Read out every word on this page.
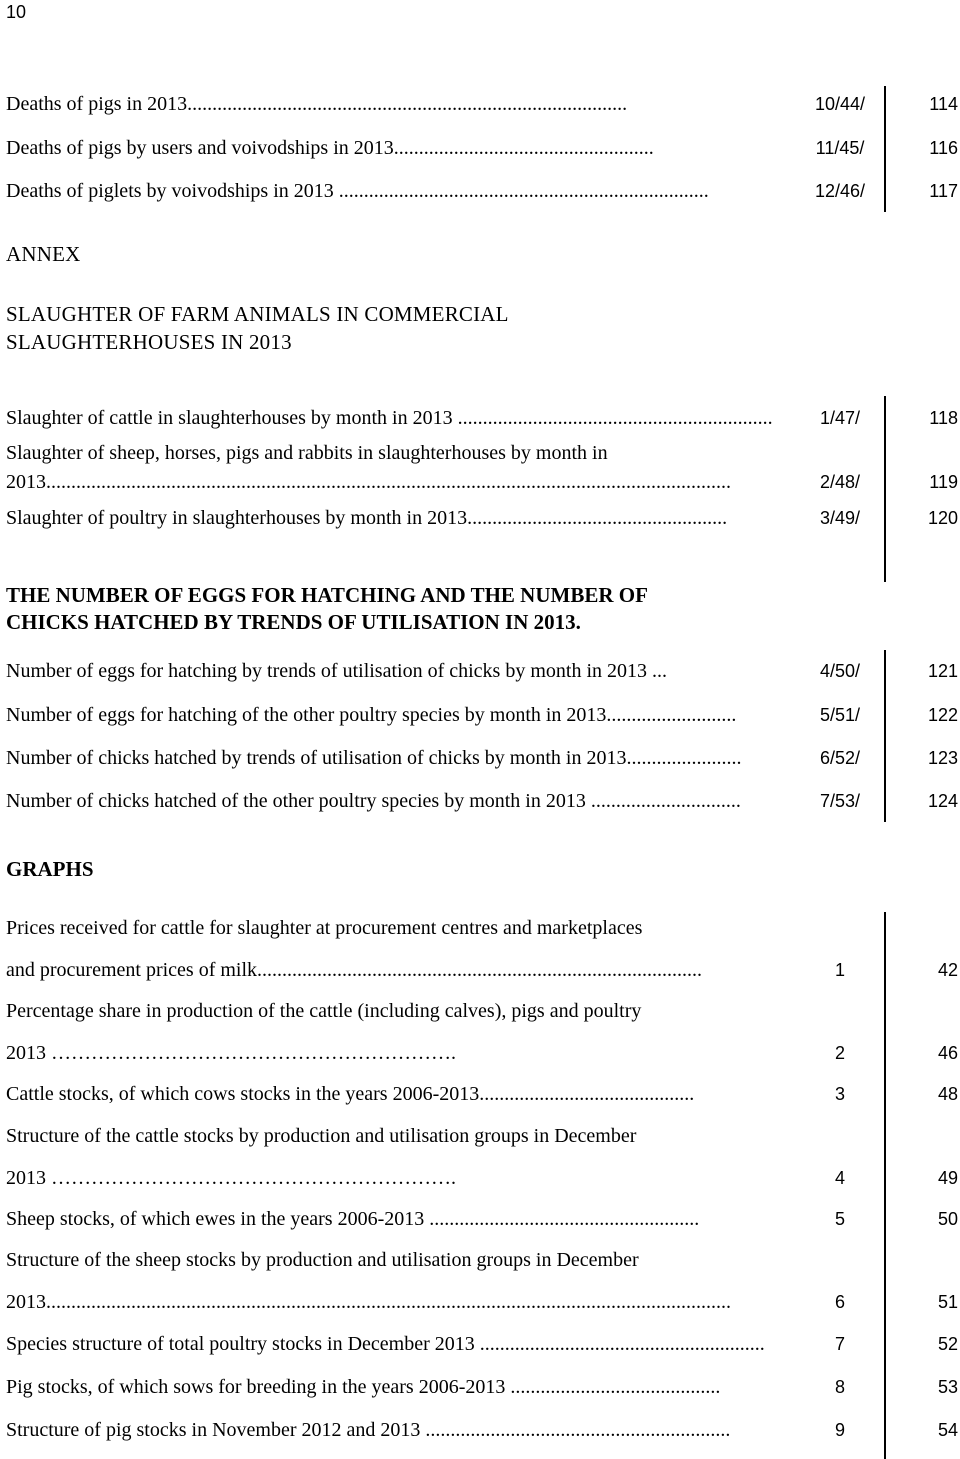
10
Deaths of pigs in 2013........................................................................................	10/44/	114
Deaths of pigs by users and voivodships in 2013....................................................	11/45/	116
Deaths of piglets by voivodships in 2013 ..........................................................................	12/46/	117
ANNEX
SLAUGHTER OF FARM ANIMALS IN COMMERCIAL
SLAUGHTERHOUSES IN 2013
Slaughter of cattle in slaughterhouses by month in 2013 ...............................................................	1/47/	118
Slaughter of sheep, horses, pigs and rabbits in slaughterhouses by month in
2013.........................................................................................................................................	2/48/	119
Slaughter of poultry in slaughterhouses by month in 2013....................................................	3/49/	120
THE NUMBER OF EGGS FOR HATCHING AND THE NUMBER OF
CHICKS HATCHED BY TRENDS OF UTILISATION IN 2013.
Number of eggs for hatching by trends of utilisation of chicks by month in 2013 ...	4/50/	121
Number of eggs for hatching of the other poultry species by month in 2013..........................	5/51/	122
Number of chicks hatched by trends of utilisation of chicks by month in 2013.......................	6/52/	123
Number of chicks hatched of the other poultry species by month in 2013 ..............................	7/53/	124
GRAPHS
Prices received for cattle for slaughter at procurement centres and marketplaces
and procurement prices of milk.........................................................................................	1	42
Percentage share in production of the cattle (including calves), pigs and poultry
2013 …………………………………………………….	2	46
Cattle stocks, of which cows stocks in the years 2006-2013...........................................	3	48
Structure of the cattle stocks by production and utilisation groups in December
2013 …………………………………………………….	4	49
Sheep stocks, of which ewes in the years 2006-2013 ......................................................	5	50
Structure of the sheep stocks by production and utilisation groups in December
2013.........................................................................................................................................	6	51
Species structure of total poultry stocks in December 2013 .........................................................	7	52
Pig stocks, of which sows for breeding in the years 2006-2013 ..........................................	8	53
Structure of pig stocks in November 2012 and 2013 .............................................................	9	54
